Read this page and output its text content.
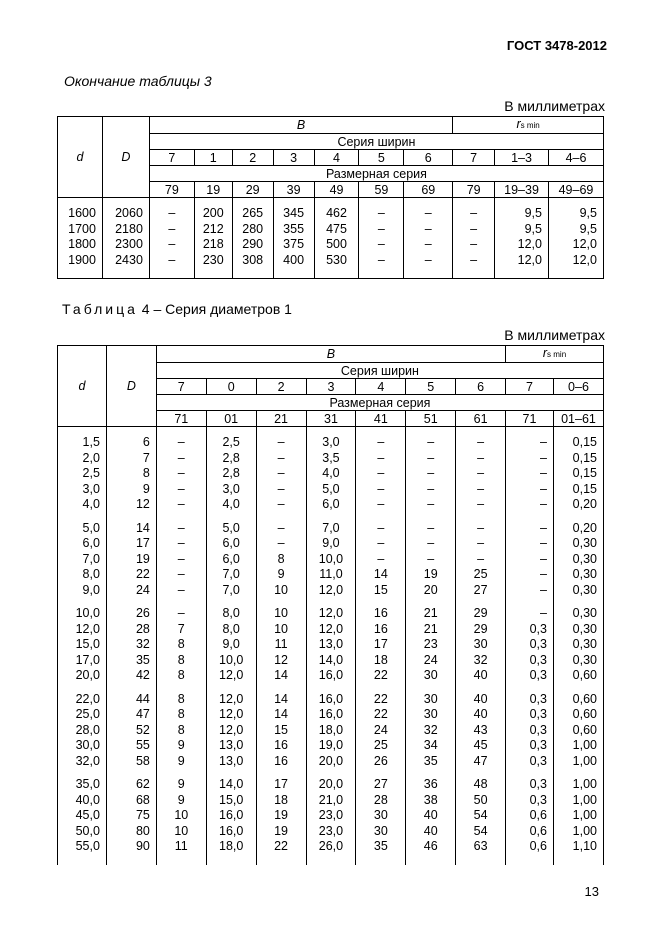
ГОСТ 3478-2012
Окончание таблицы 3
В миллиметрах
d	D	B							rs min		
		Серия ширин									
		7	1	2	3	4	5	6	7	1–3	4–6
		Размерная серия									
		79	19	29	39	49	59	69	79	19–39	49–69

1600	2060	–	200	265	345	462	–	–	–	9,5	9,5
1700	2180	–	212	280	355	475	–	–	–	9,5	9,5
1800	2300	–	218	290	375	500	–	–	–	12,0	12,0
1900	2430	–	230	308	400	530	–	–	–	12,0	12,0

Таблица 4 – Серия диаметров 1
В миллиметрах
d	D	B							rs min	
		Серия ширин								
		7	0	2	3	4	5	6	7	0–6
		Размерная серия								
		71	01	21	31	41	51	61	71	01–61

1,5	6	–	2,5	–	3,0	–	–	–	–	0,15
2,0	7	–	2,8	–	3,5	–	–	–	–	0,15
2,5	8	–	2,8	–	4,0	–	–	–	–	0,15
3,0	9	–	3,0	–	5,0	–	–	–	–	0,15
4,0	12	–	4,0	–	6,0	–	–	–	–	0,20

5,0	14	–	5,0	–	7,0	–	–	–	–	0,20
6,0	17	–	6,0	–	9,0	–	–	–	–	0,30
7,0	19	–	6,0	8	10,0	–	–	–	–	0,30
8,0	22	–	7,0	9	11,0	14	19	25	–	0,30
9,0	24	–	7,0	10	12,0	15	20	27	–	0,30

10,0	26	–	8,0	10	12,0	16	21	29	–	0,30
12,0	28	7	8,0	10	12,0	16	21	29	0,3	0,30
15,0	32	8	9,0	11	13,0	17	23	30	0,3	0,30
17,0	35	8	10,0	12	14,0	18	24	32	0,3	0,30
20,0	42	8	12,0	14	16,0	22	30	40	0,3	0,60

22,0	44	8	12,0	14	16,0	22	30	40	0,3	0,60
25,0	47	8	12,0	14	16,0	22	30	40	0,3	0,60
28,0	52	8	12,0	15	18,0	24	32	43	0,3	0,60
30,0	55	9	13,0	16	19,0	25	34	45	0,3	1,00
32,0	58	9	13,0	16	20,0	26	35	47	0,3	1,00

35,0	62	9	14,0	17	20,0	27	36	48	0,3	1,00
40,0	68	9	15,0	18	21,0	28	38	50	0,3	1,00
45,0	75	10	16,0	19	23,0	30	40	54	0,6	1,00
50,0	80	10	16,0	19	23,0	30	40	54	0,6	1,00
55,0	90	11	18,0	22	26,0	35	46	63	0,6	1,10

13
